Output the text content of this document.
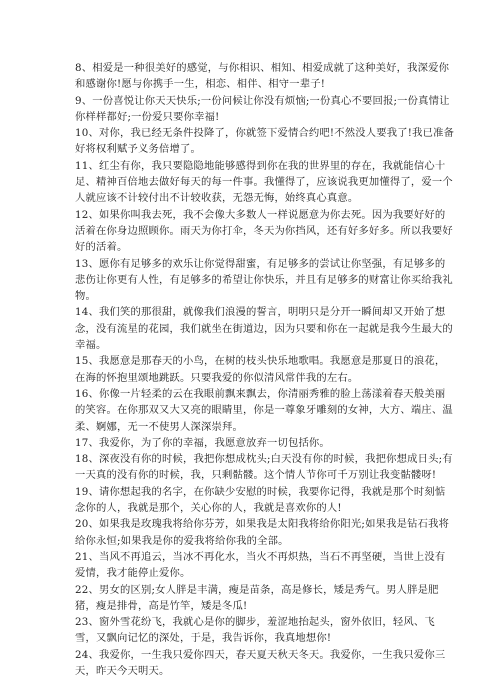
8、相爱是一种很美好的感觉，与你相识、相知、相爱成就了这种美好，我深爱你和感谢你!愿与你携手一生，相恋、相伴、相守一辈子!

9、一份喜悦让你天天快乐;一份问候让你没有烦恼;一份真心不要回报;一份真情让你样样都好;一份爱只要你幸福!

10、对你，我已经无条件投降了，你就签下爱情合约吧!不然没人要我了!我已准备好将权利赋予义务倍增了。

11、红尘有你，我只要隐隐地能够感得到你在我的世界里的存在，我就能信心十足、精神百倍地去做好每天的每一件事。我懂得了，应该说我更加懂得了，爱一个人就应该不计较付出不计较收获，无怨无悔，始终真心真意。

12、如果你叫我去死，我不会像大多数人一样说愿意为你去死。因为我要好好的活着在你身边照顾你。雨天为你打伞，冬天为你挡风，还有好多好多。所以我要好好的活着。

13、愿你有足够多的欢乐让你觉得甜蜜，有足够多的尝试让你坚强，有足够多的悲伤让你更有人性，有足够多的希望让你快乐，并且有足够多的财富让你买给我礼物。

14、我们笑的那很甜，就像我们浪漫的誓言，明明只是分开一瞬间却又开始了想念，没有流星的花园，我们就坐在街道边，因为只要和你在一起就是我今生最大的幸福。

15、我愿意是那春天的小鸟，在树的枝头快乐地歌唱。我愿意是那夏日的浪花，在海的怀抱里颂地跳跃。只要我爱的你似清风常伴我的左右。

16、你像一片轻柔的云在我眼前飘来飘去，你清丽秀雅的脸上荡漾着春天般美丽的笑容。在你那双又大又亮的眼睛里，你是一尊象牙雕刻的女神，大方、端庄、温柔、婀娜，无一不使男人深深崇拜。

17、我爱你，为了你的幸福，我愿意放弃一切包括你。

18、深夜没有你的时候，我把你想成枕头;白天没有你的时候，我把你想成日头;有一天真的没有你的时候，我，只剩骷髅。这个情人节你可千万别让我变骷髅呀!

19、请你想起我的名字，在你缺少安慰的时候，我要你记得，我就是那个时刻惦念你的人，我就是那个，关心你的人，我就是喜欢你的人!

20、如果我是玫瑰我将给你芬芳，如果我是太阳我将给你阳光;如果我是钻石我将给你永恒;如果我是你的爱我将给你我的全部。

21、当风不再追云，当冰不再化水，当火不再炽热，当石不再坚硬，当世上没有爱情，我才能停止爱你。

22、男女的区别;女人胖是丰满，瘦是苗条，高是修长，矮是秀气。男人胖是肥猪，瘦是排骨，高是竹竿，矮是冬瓜!

23、窗外雪花纷飞，我就心是你的脚步，羞涩地抬起头，窗外依旧，轻风、飞雪，又飘向记忆的深处，于是，我告诉你，我真地想你!

24、我爱你，一生我只爱你四天，春天夏天秋天冬天。我爱你，一生我只爱你三天，昨天今天明天。
